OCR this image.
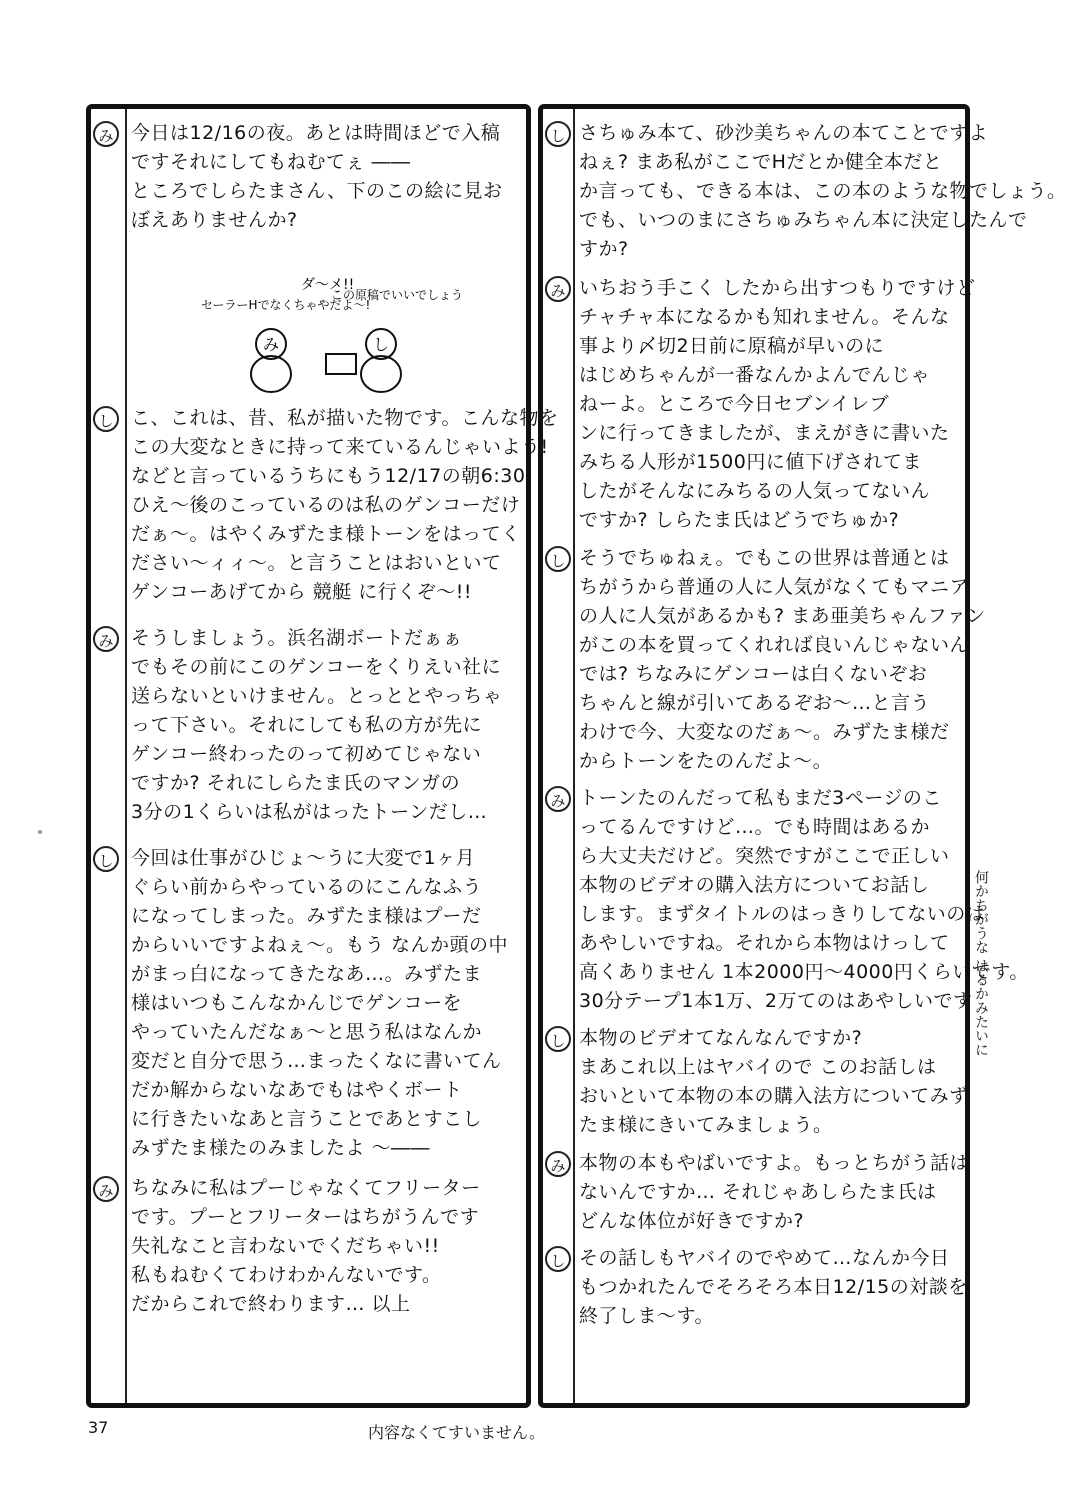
み 今日は12/16の夜。あとは時間ほどで入稿
ですそれにしてもねむてぇ ――
ところでしらたまさん、下のこの絵に見お
ぼえありませんか?
み	し
ダ～メ!!
セーラーHでなくちゃやだよ～!
この原稿でいいでしょう
し こ、これは、昔、私が描いた物です。こんな物を
この大変なときに持って来ているんじゃいよう!
などと言っているうちにもう12/17の朝6:30
ひえ～後のこっているのは私のゲンコーだけ
だぁ～。はやくみずたま様トーンをはってく
ださい～ィィ～。と言うことはおいといて
ゲンコーあげてから 競艇 に行くぞ～!!
み そうしましょう。浜名湖ボートだぁぁ
でもその前にこのゲンコーをくりえい社に
送らないといけません。とっととやっちゃ
って下さい。それにしても私の方が先に
ゲンコー終わったのって初めてじゃない
ですか? それにしらたま氏のマンガの
3分の1くらいは私がはったトーンだし…
し 今回は仕事がひじょ～うに大変で1ヶ月
ぐらい前からやっているのにこんなふう
になってしまった。みずたま様はプーだ
からいいですよねぇ～。もう なんか頭の中
がまっ白になってきたなあ…。みずたま
様はいつもこんなかんじでゲンコーを
やっていたんだなぁ～と思う私はなんか
変だと自分で思う…まったくなに書いてん
だか解からないなあでもはやくボート
に行きたいなあと言うことであとすこし
みずたま様たのみましたよ ～――
み ちなみに私はプーじゃなくてフリーター
です。プーとフリーターはちがうんです
失礼なこと言わないでくだちゃい!!
私もねむくてわけわかんないです。
だからこれで終わります… 以上
し さちゅみ本て、砂沙美ちゃんの本てことですよ
ねぇ? まあ私がここでHだとか健全本だと
か言っても、できる本は、この本のような物でしょう。
でも、いつのまにさちゅみちゃん本に決定したんで
すか?
み いちおう手こく したから出すつもりですけど
チャチャ本になるかも知れません。そんな
事より〆切2日前に原稿が早いのに
はじめちゃんが一番なんかよんでんじゃ
ねーよ。ところで今日セブンイレブ
ンに行ってきましたが、まえがきに書いた
みちる人形が1500円に値下げされてま
したがそんなにみちるの人気ってないん
ですか? しらたま氏はどうでちゅか?
し そうでちゅねぇ。でもこの世界は普通とは
ちがうから普通の人に人気がなくてもマニア
の人に人気があるかも? まあ亜美ちゃんファン
がこの本を買ってくれれば良いんじゃないん
では? ちなみにゲンコーは白くないぞお
ちゃんと線が引いてあるぞお～…と言う
わけで今、大変なのだぁ～。みずたま様だ
からトーンをたのんだよ～。
み トーンたのんだって私もまだ3ページのこ
ってるんですけど…。でも時間はあるか
ら大丈夫だけど。突然ですがここで正しい
本物のビデオの購入法方についてお話し
します。まずタイトルのはっきりしてないのは
あやしいですね。それから本物はけっして
高くありません 1本2000円～4000円くらいです。
30分テープ1本1万、2万てのはあやしいです
し 本物のビデオてなんなんですか?
まあこれ以上はヤバイので このお話しは
おいといて本物の本の購入法方についてみず
たま様にきいてみましょう。
み 本物の本もやばいですよ。もっとちがう話は
ないんですか… それじゃあしらたま氏は
どんな体位が好きですか?
し その話しもヤバイのでやめて…なんか今日
もつかれたんでそろそろ本日12/15の対談を
終了しま～す。
何かちがうな はるかみたいに
37	内容なくてすいません。
